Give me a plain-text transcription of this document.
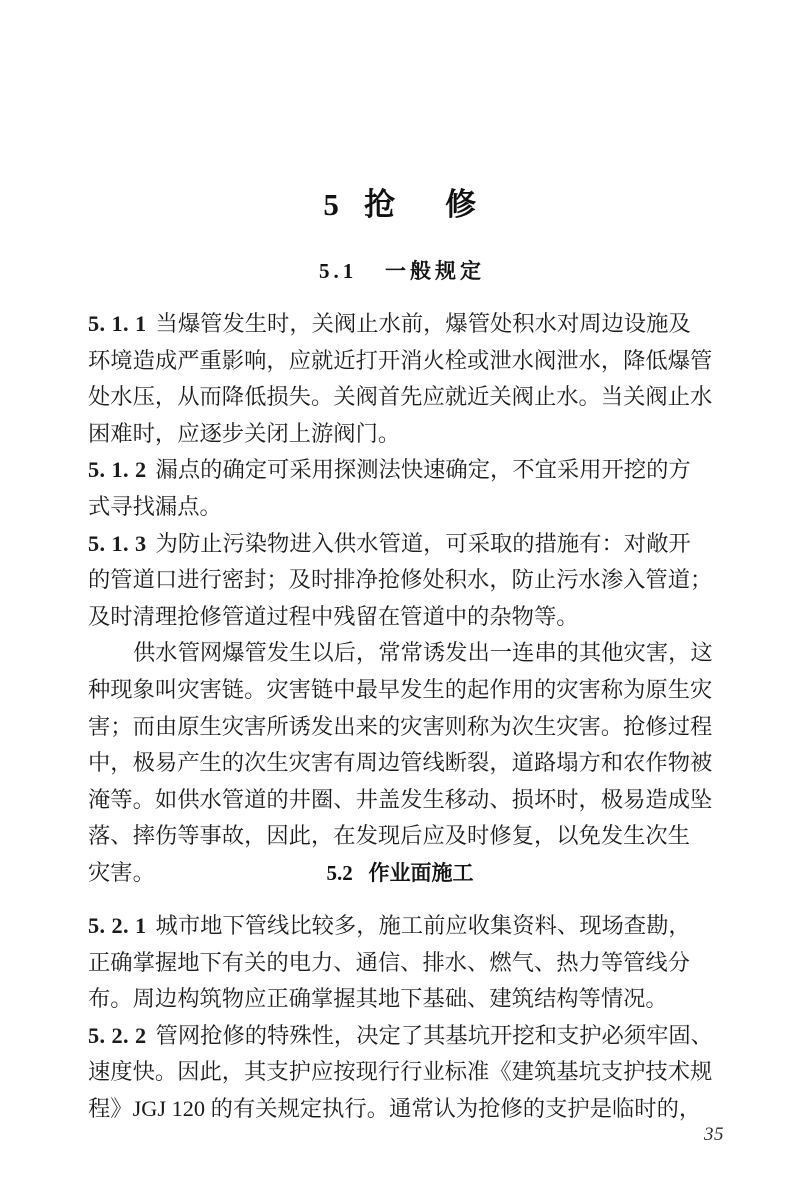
5   抢      修
5.1   一般规定

5. 1. 1 当爆管发生时，关阀止水前，爆管处积水对周边设施及
环境造成严重影响，应就近打开消火栓或泄水阀泄水，降低爆管
处水压，从而降低损失。关阀首先应就近关阀止水。当关阀止水
困难时，应逐步关闭上游阀门。

5. 1. 2 漏点的确定可采用探测法快速确定，不宜采用开挖的方
式寻找漏点。

5. 1. 3 为防止污染物进入供水管道，可采取的措施有：对敞开
的管道口进行密封；及时排净抢修处积水，防止污水渗入管道；
及时清理抢修管道过程中残留在管道中的杂物等。

供水管网爆管发生以后，常常诱发出一连串的其他灾害，这
种现象叫灾害链。灾害链中最早发生的起作用的灾害称为原生灾
害；而由原生灾害所诱发出来的灾害则称为次生灾害。抢修过程
中，极易产生的次生灾害有周边管线断裂，道路塌方和农作物被
淹等。如供水管道的井圈、井盖发生移动、损坏时，极易造成坠
落、摔伤等事故，因此，在发现后应及时修复，以免发生次生
灾害。	5.2   作业面施工

5. 2. 1 城市地下管线比较多，施工前应收集资料、现场查勘，
正确掌握地下有关的电力、通信、排水、燃气、热力等管线分
布。周边构筑物应正确掌握其地下基础、建筑结构等情况。

5. 2. 2 管网抢修的特殊性，决定了其基坑开挖和支护必须牢固、
速度快。因此，其支护应按现行行业标准《建筑基坑支护技术规
程》JGJ 120 的有关规定执行。通常认为抢修的支护是临时的，

35
